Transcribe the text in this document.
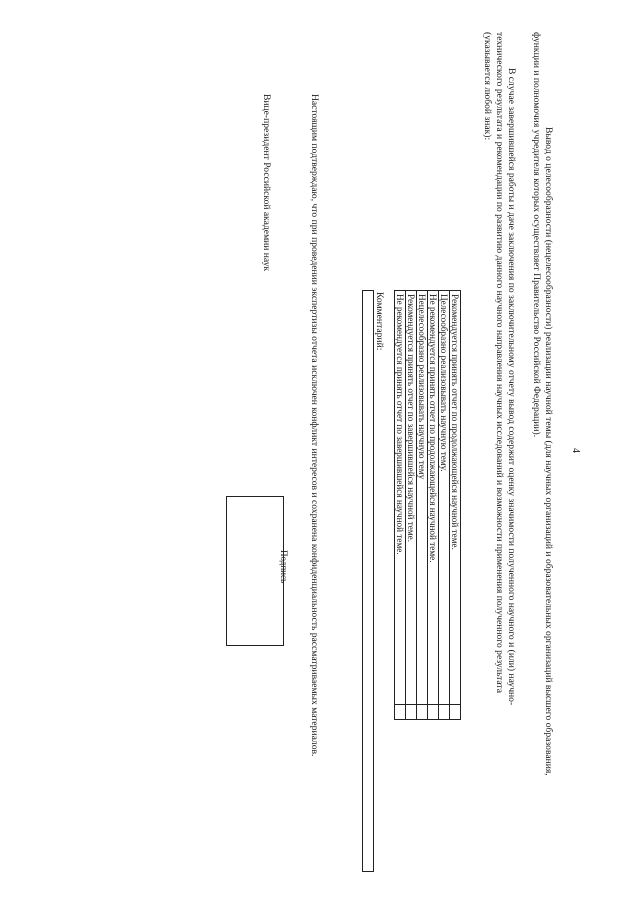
4
Вывод о целесообразности (нецелесообразности) реализации научной темы (для научных организаций и образовательных организаций высшего образования,
функции и полномочия учредителя которых осуществляет Правительство Российской Федерации).
В случае завершившейся работы и даче заключения по заключительному отчету вывод содержит оценку значимости полученного научного и (или) научно-
технического результата и рекомендации по развитию данного научного направления научных исследований и возможности применения полученного результата
(указывается любой знак):
Рекомендуется принять отчет по продолжающейся научной теме.	
Целесообразно реализовывать научную тему.	
Не рекомендуется принять отчет по продолжающейся научной теме.	
Нецелесообразно реализовывать научную тему	
Рекомендуется принять отчет по завершившейся научной теме.	
Не рекомендуется принять отчет по завершившейся научной теме.	
Комментарий:
Настоящим подтверждаю, что при проведении экспертизы отчета исключен конфликт интересов и сохранена конфиденциальность рассматриваемых материалов.
Подпись
Вице-президент Российской академии наук
